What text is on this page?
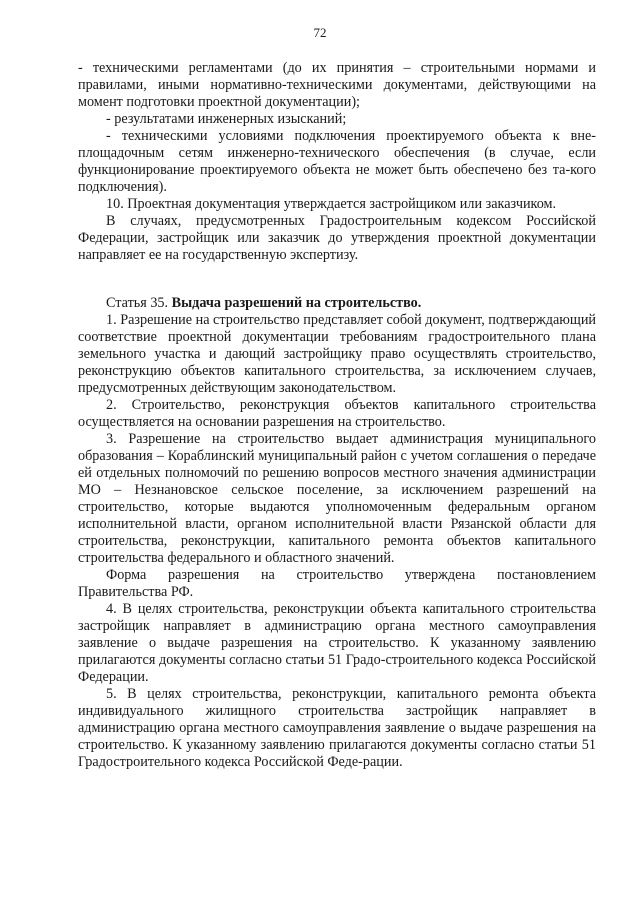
72

- техническими регламентами (до их принятия – строительными нормами и правилами, иными нормативно-техническими документами, действующими на момент подготовки проектной документации);

- результатами инженерных изысканий;

- техническими условиями подключения проектируемого объекта к вне-площадочным сетям инженерно-технического обеспечения (в случае, если функционирование проектируемого объекта не может быть обеспечено без та-кого подключения).

10. Проектная документация утверждается застройщиком или заказчиком.

В случаях, предусмотренных Градостроительным кодексом Российской Федерации, застройщик или заказчик до утверждения проектной документации направляет ее на государственную экспертизу.

Статья 35. Выдача разрешений на строительство.

1. Разрешение на строительство представляет собой документ, подтверждающий соответствие проектной документации требованиям градостроительного плана земельного участка и дающий застройщику право осуществлять строительство, реконструкцию объектов капитального строительства, за исключением случаев, предусмотренных действующим законодательством.

2. Строительство, реконструкция объектов капитального строительства осуществляется на основании разрешения на строительство.

3. Разрешение на строительство выдает администрация муниципального образования – Кораблинский муниципальный район с учетом соглашения о передаче ей отдельных полномочий по решению вопросов местного значения администрации МО – Незнановское сельское поселение, за исключением разрешений на строительство, которые выдаются уполномоченным федеральным органом исполнительной власти, органом исполнительной власти Рязанской области для строительства, реконструкции, капитального ремонта объектов капитального строительства федерального и областного значений.

Форма разрешения на строительство утверждена постановлением Правительства РФ.

4. В целях строительства, реконструкции объекта капитального строительства застройщик направляет в администрацию органа местного самоуправления заявление о выдаче разрешения на строительство. К указанному заявлению прилагаются документы согласно статьи 51 Градо-строительного кодекса Российской Федерации.

5. В целях строительства, реконструкции, капитального ремонта объекта индивидуального жилищного строительства застройщик направляет в администрацию органа местного самоуправления заявление о выдаче разрешения на строительство. К указанному заявлению прилагаются документы согласно статьи 51 Градостроительного кодекса Российской Феде-рации.
